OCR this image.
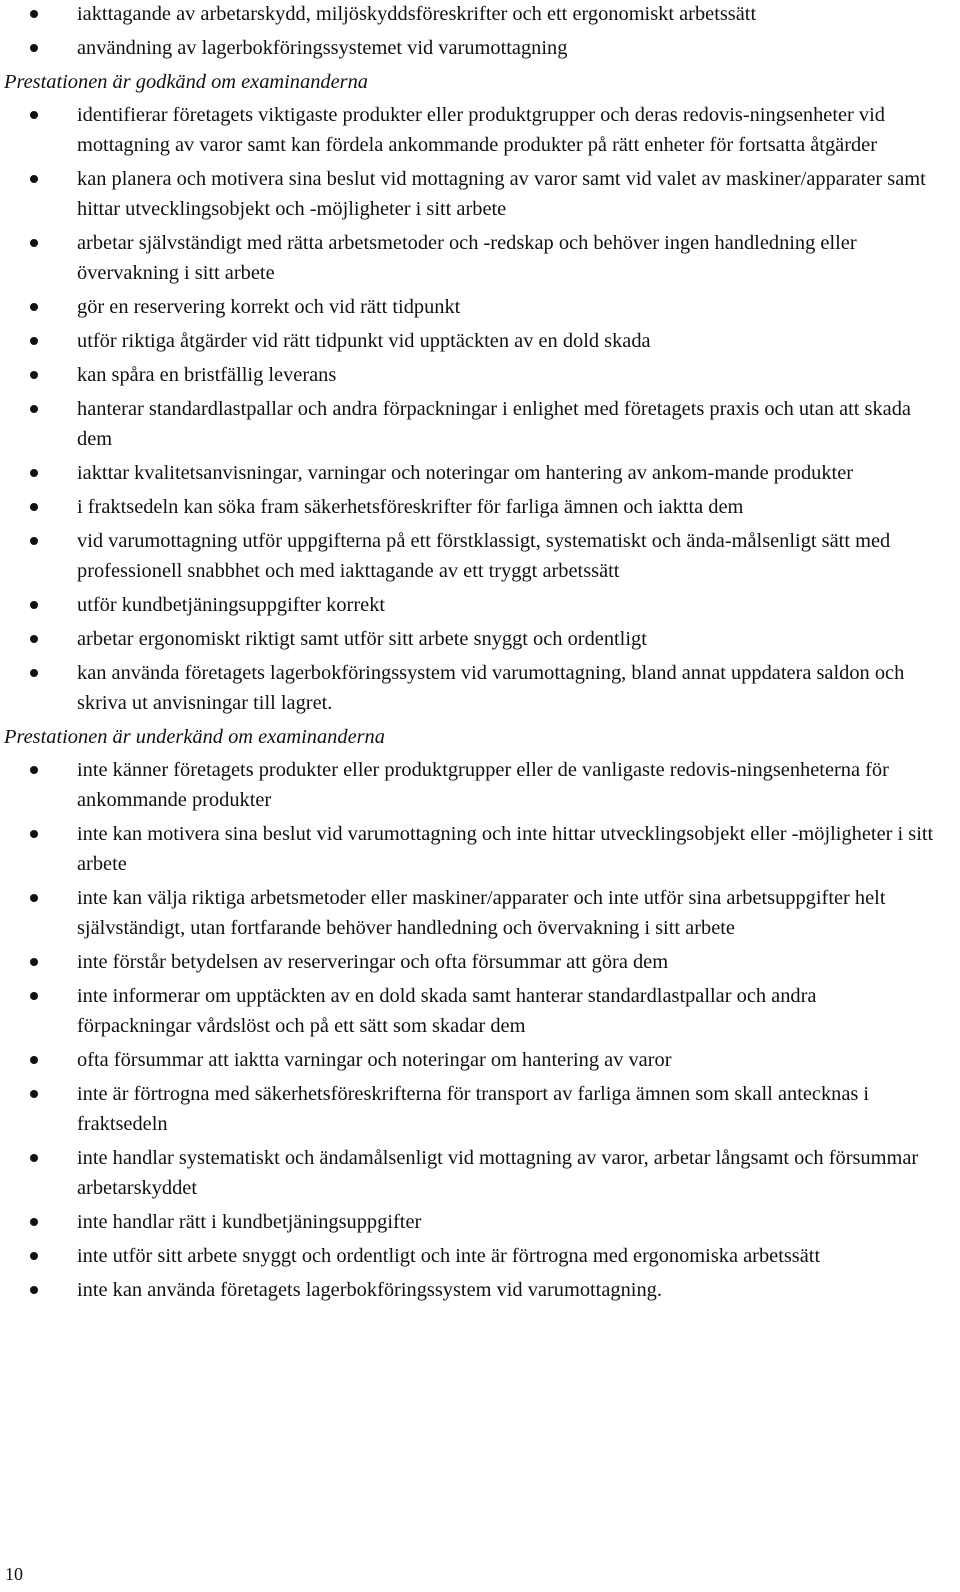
iakttagande av arbetarskydd, miljöskyddsföreskrifter och ett ergonomiskt arbetssätt
användning av lagerbokföringssystemet vid varumottagning
Prestationen är godkänd om examinanderna
identifierar företagets viktigaste produkter eller produktgrupper och deras redovis-ningsenheter vid mottagning av varor samt kan fördela ankommande produkter på rätt enheter för fortsatta åtgärder
kan planera och motivera sina beslut vid mottagning av varor samt vid valet av maskiner/apparater samt hittar utvecklingsobjekt och -möjligheter i sitt arbete
arbetar självständigt med rätta arbetsmetoder och -redskap och behöver ingen handledning eller övervakning i sitt arbete
gör en reservering korrekt och vid rätt tidpunkt
utför riktiga åtgärder vid rätt tidpunkt vid upptäckten av en dold skada
kan spåra en bristfällig leverans
hanterar standardlastpallar och andra förpackningar i enlighet med företagets praxis och utan att skada dem
iakttar kvalitetsanvisningar, varningar och noteringar om hantering av ankom-mande produkter
i fraktsedeln kan söka fram säkerhetsföreskrifter för farliga ämnen och iaktta dem
vid varumottagning utför uppgifterna på ett förstklassigt, systematiskt och ända-målsenligt sätt med professionell snabbhet och med iakttagande av ett tryggt arbetssätt
utför kundbetjäningsuppgifter korrekt
arbetar ergonomiskt riktigt samt utför sitt arbete snyggt och ordentligt
kan använda företagets lagerbokföringssystem vid varumottagning, bland annat uppdatera saldon och skriva ut anvisningar till lagret.
Prestationen är underkänd om examinanderna
inte känner företagets produkter eller produktgrupper eller de vanligaste redovis-ningsenheterna för ankommande produkter
inte kan motivera sina beslut vid varumottagning och inte hittar utvecklingsobjekt eller -möjligheter i sitt arbete
inte kan välja riktiga arbetsmetoder eller maskiner/apparater och inte utför sina arbetsuppgifter helt självständigt, utan fortfarande behöver handledning och övervakning i sitt arbete
inte förstår betydelsen av reserveringar och ofta försummar att göra dem
inte informerar om upptäckten av en dold skada samt hanterar standardlastpallar och andra förpackningar vårdslöst och på ett sätt som skadar dem
ofta försummar att iaktta varningar och noteringar om hantering av varor
inte är förtrogna med säkerhetsföreskrifterna för transport av farliga ämnen som skall antecknas i fraktsedeln
inte handlar systematiskt och ändamålsenligt vid mottagning av varor, arbetar långsamt och försummar arbetarskyddet
inte handlar rätt i kundbetjäningsuppgifter
inte utför sitt arbete snyggt och ordentligt och inte är förtrogna med ergonomiska arbetssätt
inte kan använda företagets lagerbokföringssystem vid varumottagning.
10
